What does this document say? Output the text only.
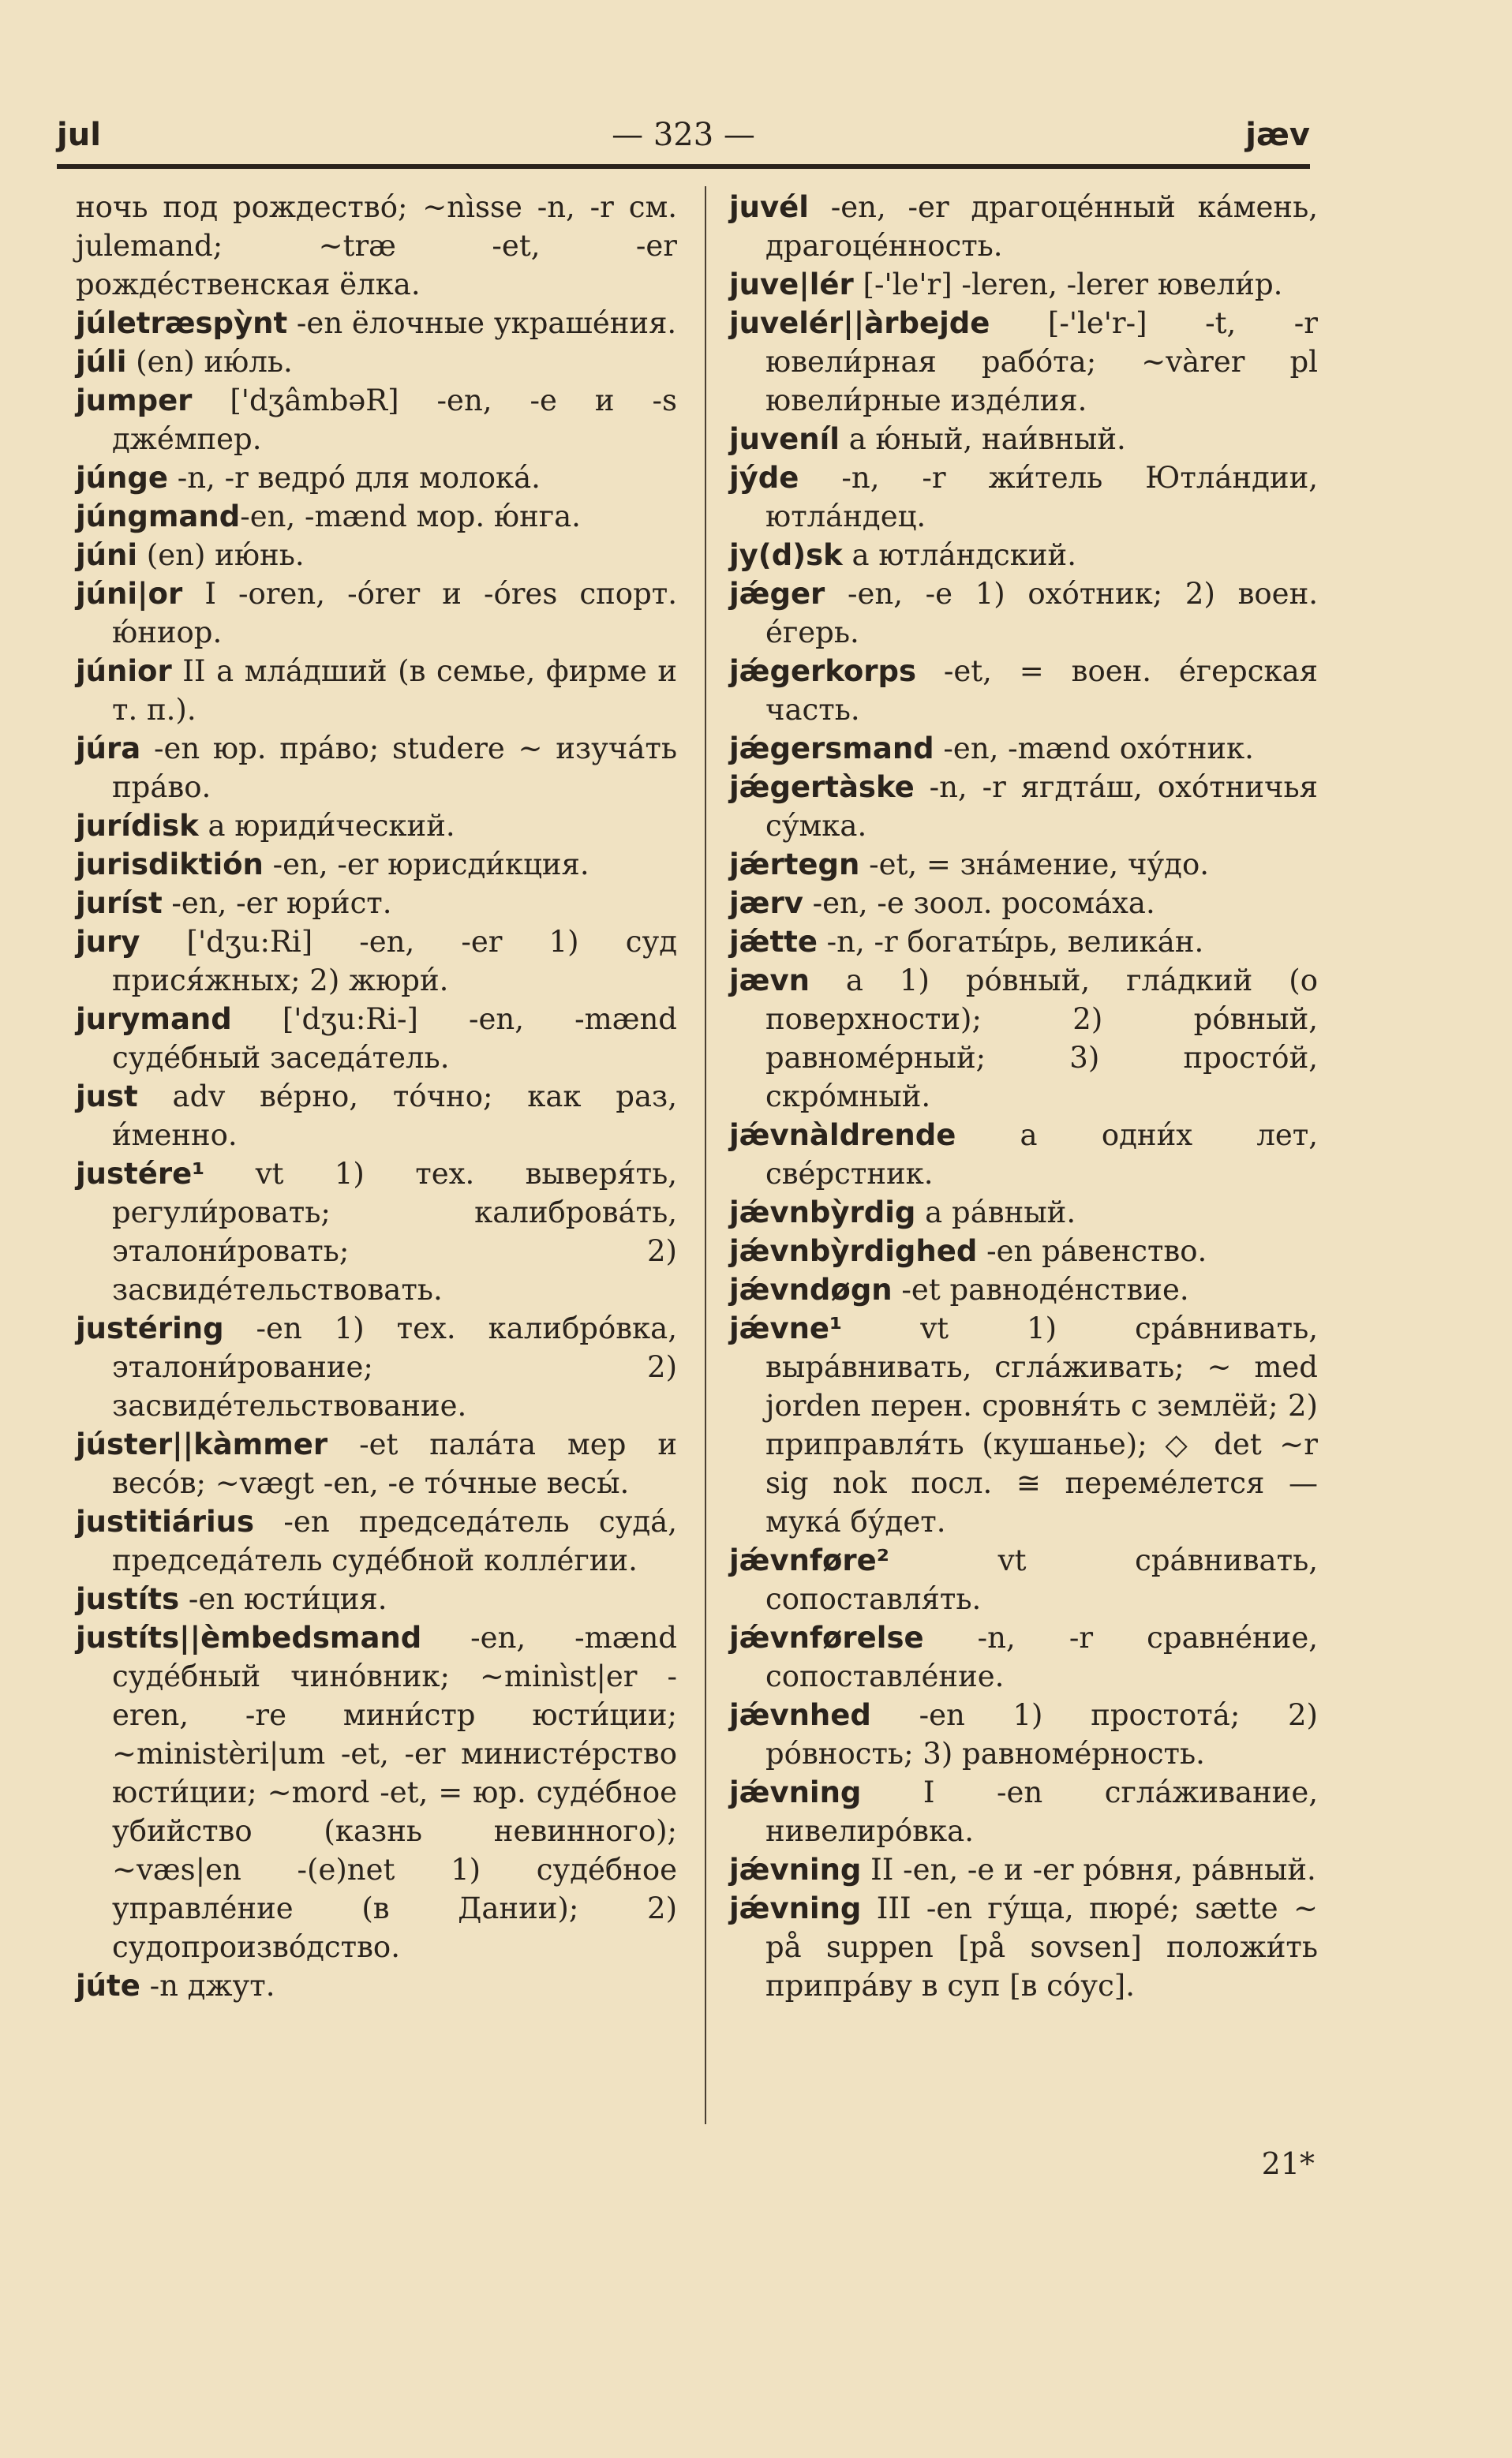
jul	— 323 —	jæv

ночь под рождество́; ~nìsse -n, -r см. julemand; ~træ -et, -er рожде́ственская ёлка.

júletræspỳnt -en ёлочные украше́ния.

júli (en) ию́ль.

jumper ['dʒâmbəR] -en, -e и -s дже́мпер.

júnge -n, -r ведро́ для молока́.

júngmand-en, -mænd мор. ю́нга.

júni (en) ию́нь.

júni|or I -oren, -órer и -óres спорт. ю́ниор.

júnior II a мла́дший (в семье, фирме и т. п.).

júra -en юр. пра́во; studere ~ изуча́ть пра́во.

jurídisk a юриди́ческий.

jurisdiktión -en, -er юрисди́кция.

juríst -en, -er юри́ст.

jury ['dʒu:Ri] -en, -er 1) суд прися́жных; 2) жюри́.

jurymand ['dʒu:Ri-] -en, -mænd суде́бный заседа́тель.

just adv ве́рно, то́чно; как раз, и́менно.

justére¹ vt 1) тех. выверя́ть, регули́ровать; калиброва́ть, эталони́ровать; 2) засвиде́тельствовать.

justéring -en 1) тех. калибро́вка, эталони́рование; 2) засвиде́тельствование.

júster||kàmmer -et пала́та мер и весо́в; ~vægt -en, -e то́чные весы́.

justitiárius -en председа́тель суда́, председа́тель суде́бной колле́гии.

justíts -en юсти́ция.

justíts||èmbedsmand -en, -mænd суде́бный чино́вник; ~minìst|er -eren, -re мини́стр юсти́ции; ~ministèri|um -et, -er министе́рство юсти́ции; ~mord -et, = юр. суде́бное убийство (казнь невинного); ~væs|en -(e)net 1) суде́бное управле́ние (в Дании); 2) судопроизво́дство.

júte -n джут.

juvél -en, -er драгоце́нный ка́мень, драгоце́нность.

juve|lér [-'le'r] -leren, -lerer ювели́р.

juvelér||àrbejde [-'le'r-] -t, -r ювели́рная рабо́та; ~vàrer pl ювели́рные изде́лия.

juveníl a ю́ный, наи́вный.

jýde -n, -r жи́тель Ютла́ндии, ютла́ндец.

jy(d)sk a ютла́ндский.

jǽger -en, -e 1) охо́тник; 2) воен. е́герь.

jǽgerkorps -et, = воен. е́герская часть.

jǽgersmand -en, -mænd охо́тник.

jǽgertàske -n, -r ягдта́ш, охо́тничья су́мка.

jǽrtegn -et, = зна́мение, чу́до.

jærv -en, -e зоол. росома́ха.

jǽtte -n, -r богаты́рь, велика́н.

jævn a 1) ро́вный, гла́дкий (о поверхности); 2) ро́вный, равноме́рный; 3) просто́й, скро́мный.

jǽvnàldrende a одни́х лет, све́рстник.

jǽvnbỳrdig a ра́вный.

jǽvnbỳrdighed -en ра́венство.

jǽvndøgn -et равноде́нствие.

jǽvne¹ vt 1) сра́внивать, выра́внивать, сгла́живать; ~ med jorden перен. сровня́ть с землёй; 2) приправля́ть (кушанье); ◇ det ~r sig nok посл. ≅ переме́лется — мука́ бу́дет.

jǽvnføre² vt сра́внивать, сопоставля́ть.

jǽvnførelse -n, -r сравне́ние, сопоставле́ние.

jǽvnhed -en 1) простота́; 2) ро́вность; 3) равноме́рность.

jǽvning I -en сгла́живание, нивелиро́вка.

jǽvning II -en, -e и -er ро́вня, ра́вный.

jǽvning III -en гу́ща, пюре́; sætte ~ på suppen [på sovsen] положи́ть припра́ву в суп [в со́ус].

21*
